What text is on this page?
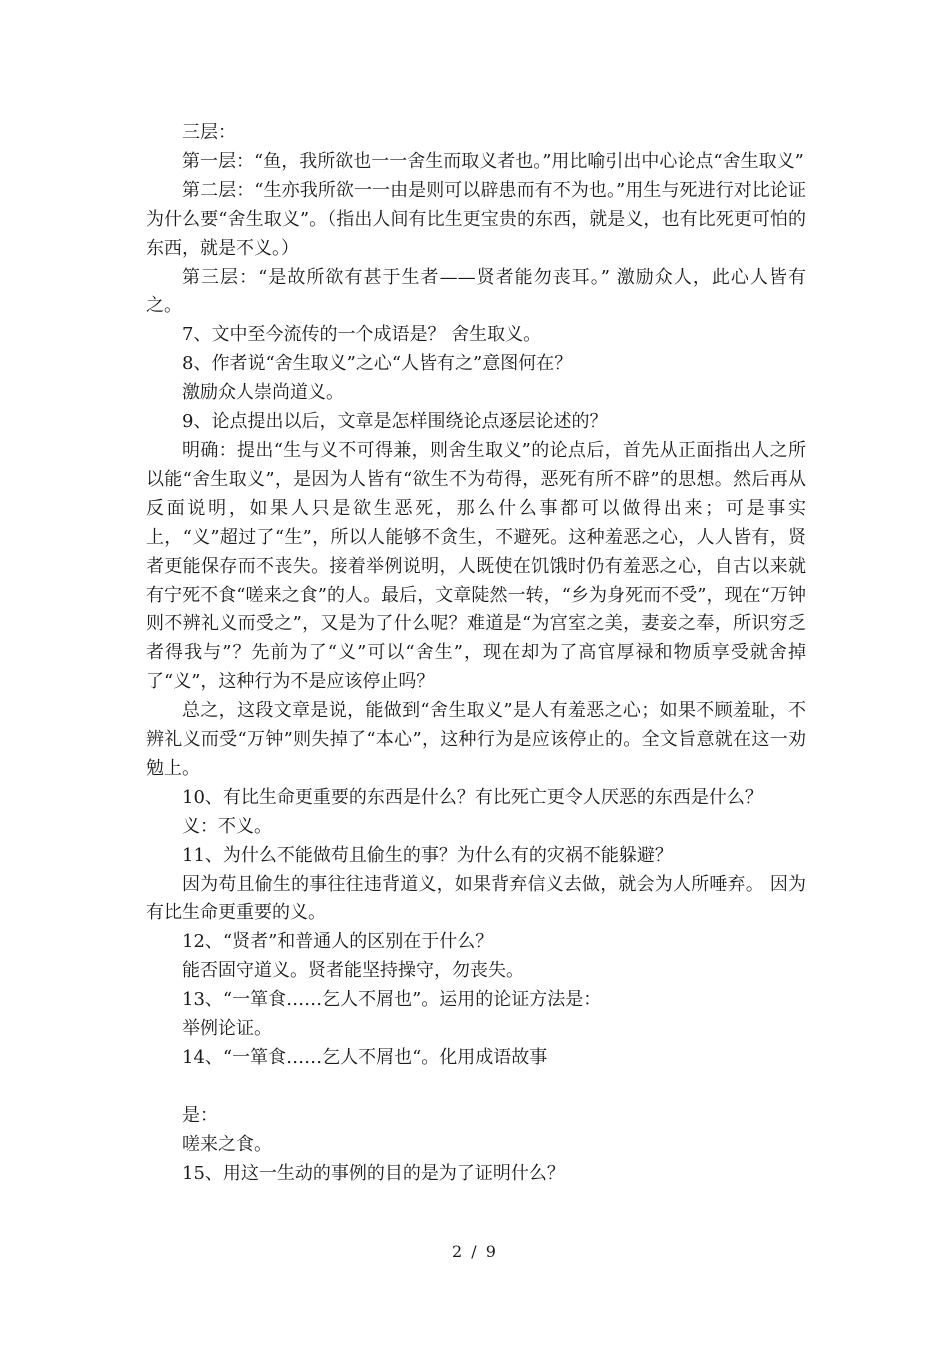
三层：

第一层：“鱼，我所欲也一一舍生而取义者也。”用比喻引出中心论点“舍生取义”

第二层：“生亦我所欲一一由是则可以辟患而有不为也。”用生与死进行对比论证为什么要“舍生取义”。（指出人间有比生更宝贵的东西，就是义，也有比死更可怕的东西，就是不义。）

第三层：“是故所欲有甚于生者——贤者能勿丧耳。” 激励众人，此心人皆有之。

7、文中至今流传的一个成语是？ 舍生取义。

8、作者说“舍生取义”之心“人皆有之”意图何在？

激励众人崇尚道义。

9、论点提出以后，文章是怎样围绕论点逐层论述的？

明确：提出“生与义不可得兼，则舍生取义”的论点后，首先从正面指出人之所以能“舍生取义”，是因为人皆有“欲生不为苟得，恶死有所不辟”的思想。然后再从反面说明，如果人只是欲生恶死，那么什么事都可以做得出来；可是事实上，“义”超过了“生”，所以人能够不贪生，不避死。这种羞恶之心，人人皆有，贤者更能保存而不丧失。接着举例说明，人既使在饥饿时仍有羞恶之心，自古以来就有宁死不食“嗟来之食”的人。最后，文章陡然一转，“乡为身死而不受”，现在“万钟则不辨礼义而受之”，又是为了什么呢？难道是“为宫室之美，妻妾之奉，所识穷乏者得我与”？先前为了“义”可以“舍生”，现在却为了高官厚禄和物质享受就舍掉了“义”，这种行为不是应该停止吗？

总之，这段文章是说，能做到“舍生取义”是人有羞恶之心；如果不顾羞耻，不辨礼义而受“万钟”则失掉了“本心”，这种行为是应该停止的。全文旨意就在这一劝勉上。

10、有比生命更重要的东西是什么？有比死亡更令人厌恶的东西是什么？

义：不义。

11、为什么不能做苟且偷生的事？为什么有的灾祸不能躲避？

因为苟且偷生的事往往违背道义，如果背弃信义去做，就会为人所唾弃。 因为有比生命更重要的义。

12、“贤者”和普通人的区别在于什么？

能否固守道义。贤者能坚持操守，勿丧失。

13、“一箪食……乞人不屑也”。运用的论证方法是：

举例论证。

14、“一箪食……乞人不屑也“。化用成语故事

是：

嗟来之食。

15、用这一生动的事例的目的是为了证明什么？

2 / 9
